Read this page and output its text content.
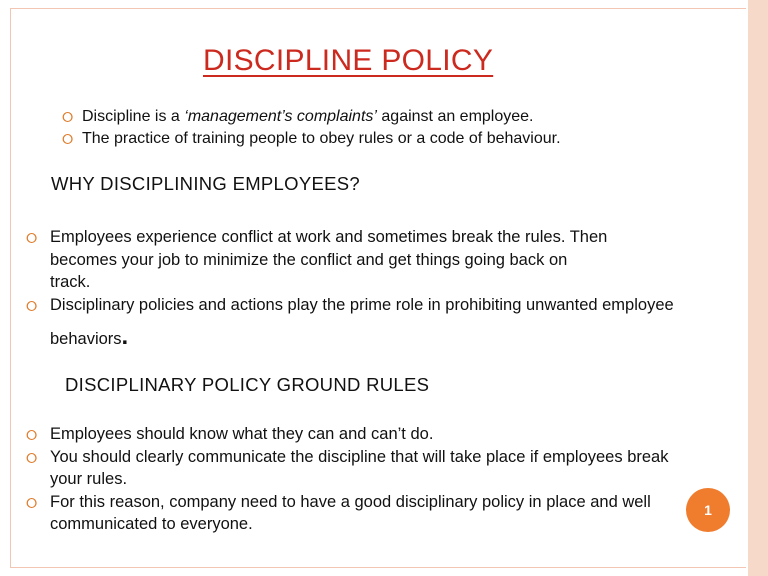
DISCIPLINE POLICY
⭘ Discipline is a ‘management’s complaints’ against an employee.
⭘ The practice of training people to obey rules or a code of behaviour.
WHY DISCIPLINING EMPLOYEES?
⭘ Employees experience conflict at work and sometimes break the rules. Then
becomes your job to minimize the conflict and get things going back on
track.
⭘ Disciplinary policies and actions play the prime role in prohibiting unwanted employee
behaviors.
DISCIPLINARY POLICY GROUND RULES
⭘ Employees should know what they can and can’t do.
⭘ You should clearly communicate the discipline that will take place if employees break
your rules.
⭘ For this reason, company need to have a good disciplinary policy in place and well
communicated to everyone.
1
